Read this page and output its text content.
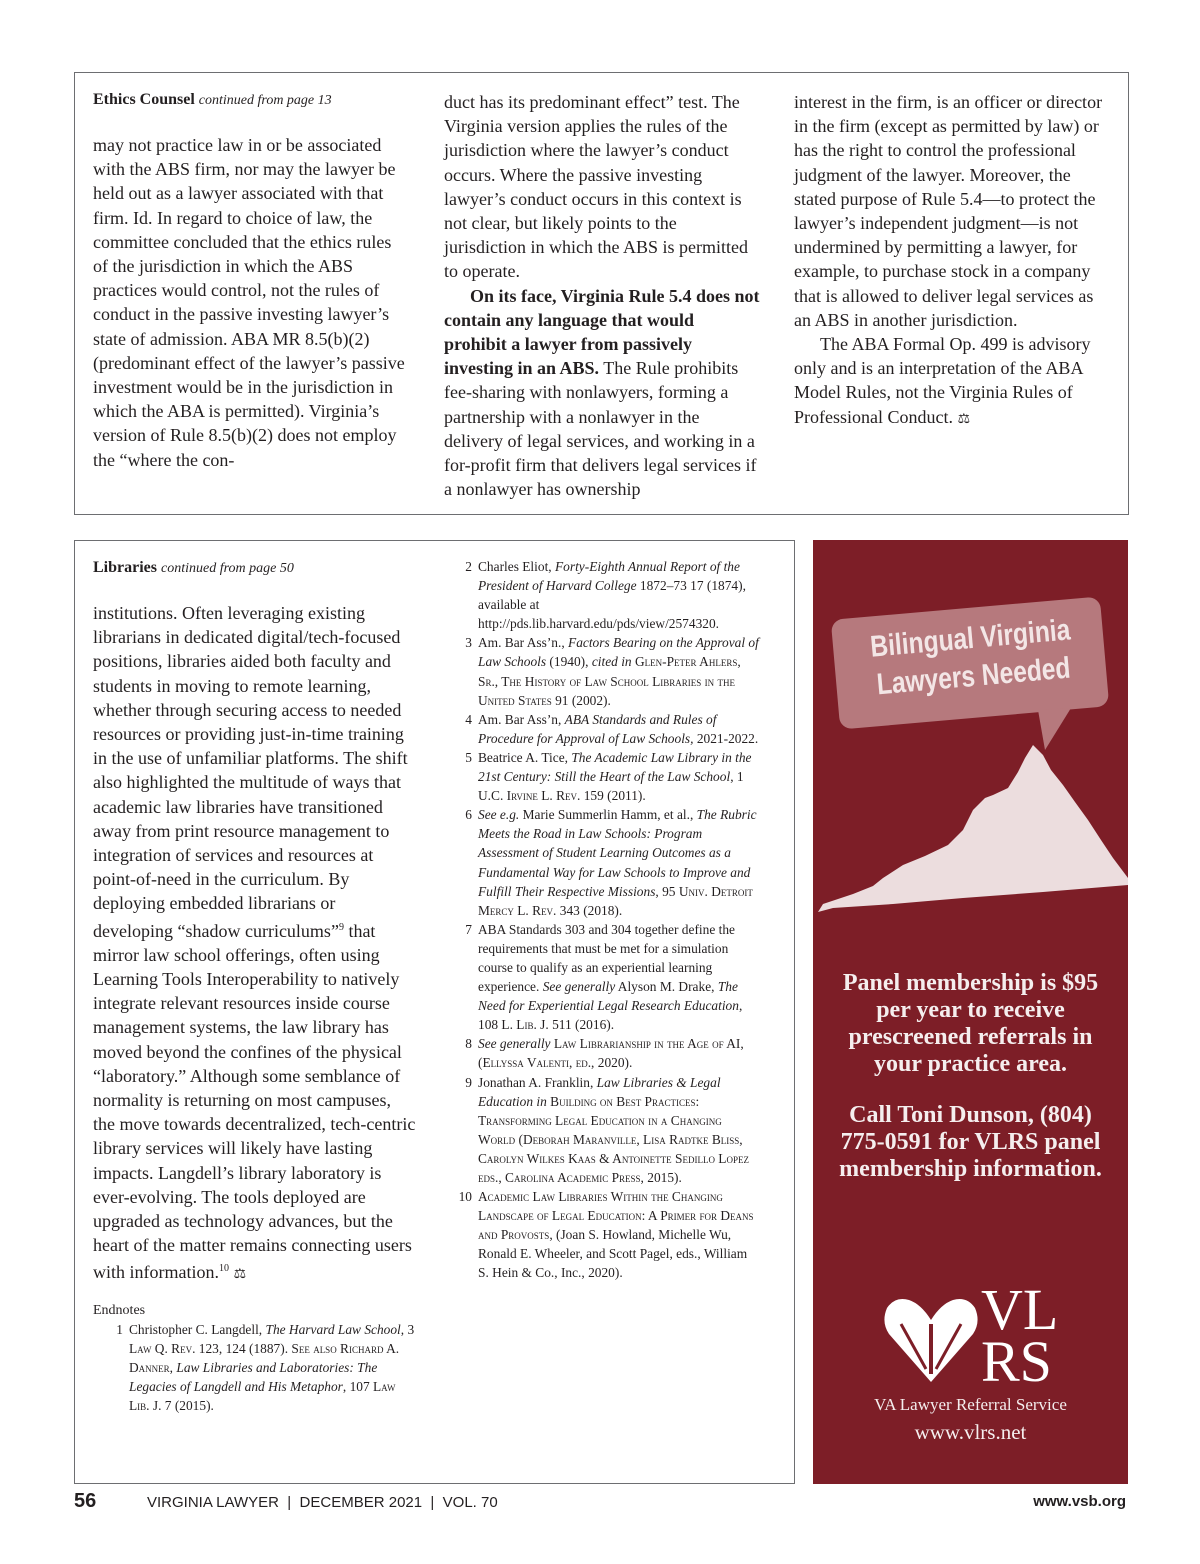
Ethics Counsel continued from page 13

may not practice law in or be associated with the ABS firm, nor may the lawyer be held out as a lawyer associated with that firm. Id. In regard to choice of law, the committee concluded that the ethics rules of the jurisdiction in which the ABS practices would control, not the rules of conduct in the passive investing lawyer’s state of admission. ABA MR 8.5(b)(2)(predominant effect of the lawyer’s passive investment would be in the jurisdiction in which the ABA is permitted). Virginia’s version of Rule 8.5(b)(2) does not employ the “where the con-

duct has its predominant effect” test. The Virginia version applies the rules of the jurisdiction where the lawyer’s conduct occurs. Where the passive investing lawyer’s conduct occurs in this context is not clear, but likely points to the jurisdiction in which the ABS is permitted to operate.

On its face, Virginia Rule 5.4 does not contain any language that would prohibit a lawyer from passively investing in an ABS. The Rule prohibits fee-sharing with nonlawyers, forming a partnership with a nonlawyer in the delivery of legal services, and working in a for-profit firm that delivers legal services if a nonlawyer has ownership

interest in the firm, is an officer or director in the firm (except as permitted by law) or has the right to control the professional judgment of the lawyer. Moreover, the stated purpose of Rule 5.4—to protect the lawyer’s independent judgment—is not undermined by permitting a lawyer, for example, to purchase stock in a company that is allowed to deliver legal services as an ABS in another jurisdiction.

The ABA Formal Op. 499 is advisory only and is an interpretation of the ABA Model Rules, not the Virginia Rules of Professional Conduct. ⚖

Libraries continued from page 50

institutions. Often leveraging existing librarians in dedicated digital/tech-focused positions, libraries aided both faculty and students in moving to remote learning, whether through securing access to needed resources or providing just-in-time training in the use of unfamiliar platforms. The shift also highlighted the multitude of ways that academic law libraries have transitioned away from print resource management to integration of services and resources at point-of-need in the curriculum. By deploying embedded librarians or developing “shadow curriculums”$^9$ that mirror law school offerings, often using Learning Tools Interoperability to natively integrate relevant resources inside course management systems, the law library has moved beyond the confines of the physical “laboratory.” Although some semblance of normality is returning on most campuses, the move towards decentralized, tech-centric library services will likely have lasting impacts. Langdell’s library laboratory is ever-evolving. The tools deployed are upgraded as technology advances, but the heart of the matter remains connecting users with information.$^{10}$ ⚖

Endnotes
1 Christopher C. Langdell, The Harvard Law School, 3 Law Q. Rev. 123, 124 (1887). See also Richard A. Danner, Law Libraries and Laboratories: The Legacies of Langdell and His Metaphor, 107 Law Lib. J. 7 (2015).
2 Charles Eliot, Forty-Eighth Annual Report of the President of Harvard College 1872–73 17 (1874), available at http://pds.lib.harvard.edu/pds/view/2574320.
3 Am. Bar Ass’n., Factors Bearing on the Approval of Law Schools (1940), cited in Glen-Peter Ahlers, Sr., The History of Law School Libraries in the United States 91 (2002).
4 Am. Bar Ass’n, ABA Standards and Rules of Procedure for Approval of Law Schools, 2021-2022.
5 Beatrice A. Tice, The Academic Law Library in the 21st Century: Still the Heart of the Law School, 1 U.C. Irvine L. Rev. 159 (2011).
6 See e.g. Marie Summerlin Hamm, et al., The Rubric Meets the Road in Law Schools: Program Assessment of Student Learning Outcomes as a Fundamental Way for Law Schools to Improve and Fulfill Their Respective Missions, 95 Univ. Detroit Mercy L. Rev. 343 (2018).
7 ABA Standards 303 and 304 together define the requirements that must be met for a simulation course to qualify as an experiential learning experience. See generally Alyson M. Drake, The Need for Experiential Legal Research Education, 108 L. Lib. J. 511 (2016).
8 See generally Law Librarianship in the Age of AI, (Ellyssa Valenti, ed., 2020).
9 Jonathan A. Franklin, Law Libraries & Legal Education in Building on Best Practices: Transforming Legal Education in a Changing World (Deborah Maranville, Lisa Radtke Bliss, Carolyn Wilkes Kaas & Antoinette Sedillo Lopez eds., Carolina Academic Press, 2015).
10 Academic Law Libraries Within the Changing Landscape of Legal Education: A Primer for Deans and Provosts, (Joan S. Howland, Michelle Wu, Ronald E. Wheeler, and Scott Pagel, eds., William S. Hein & Co., Inc., 2020).
Bilingual Virginia Lawyers Needed
Panel membership is $95 per year to receive prescreened referrals in your practice area.
Call Toni Dunson, (804) 775-0591 for VLRS panel membership information.
VLRS
VA Lawyer Referral Service
www.vlrs.net
56	VIRGINIA LAWYER  |  DECEMBER 2021  |  VOL. 70	www.vsb.org
